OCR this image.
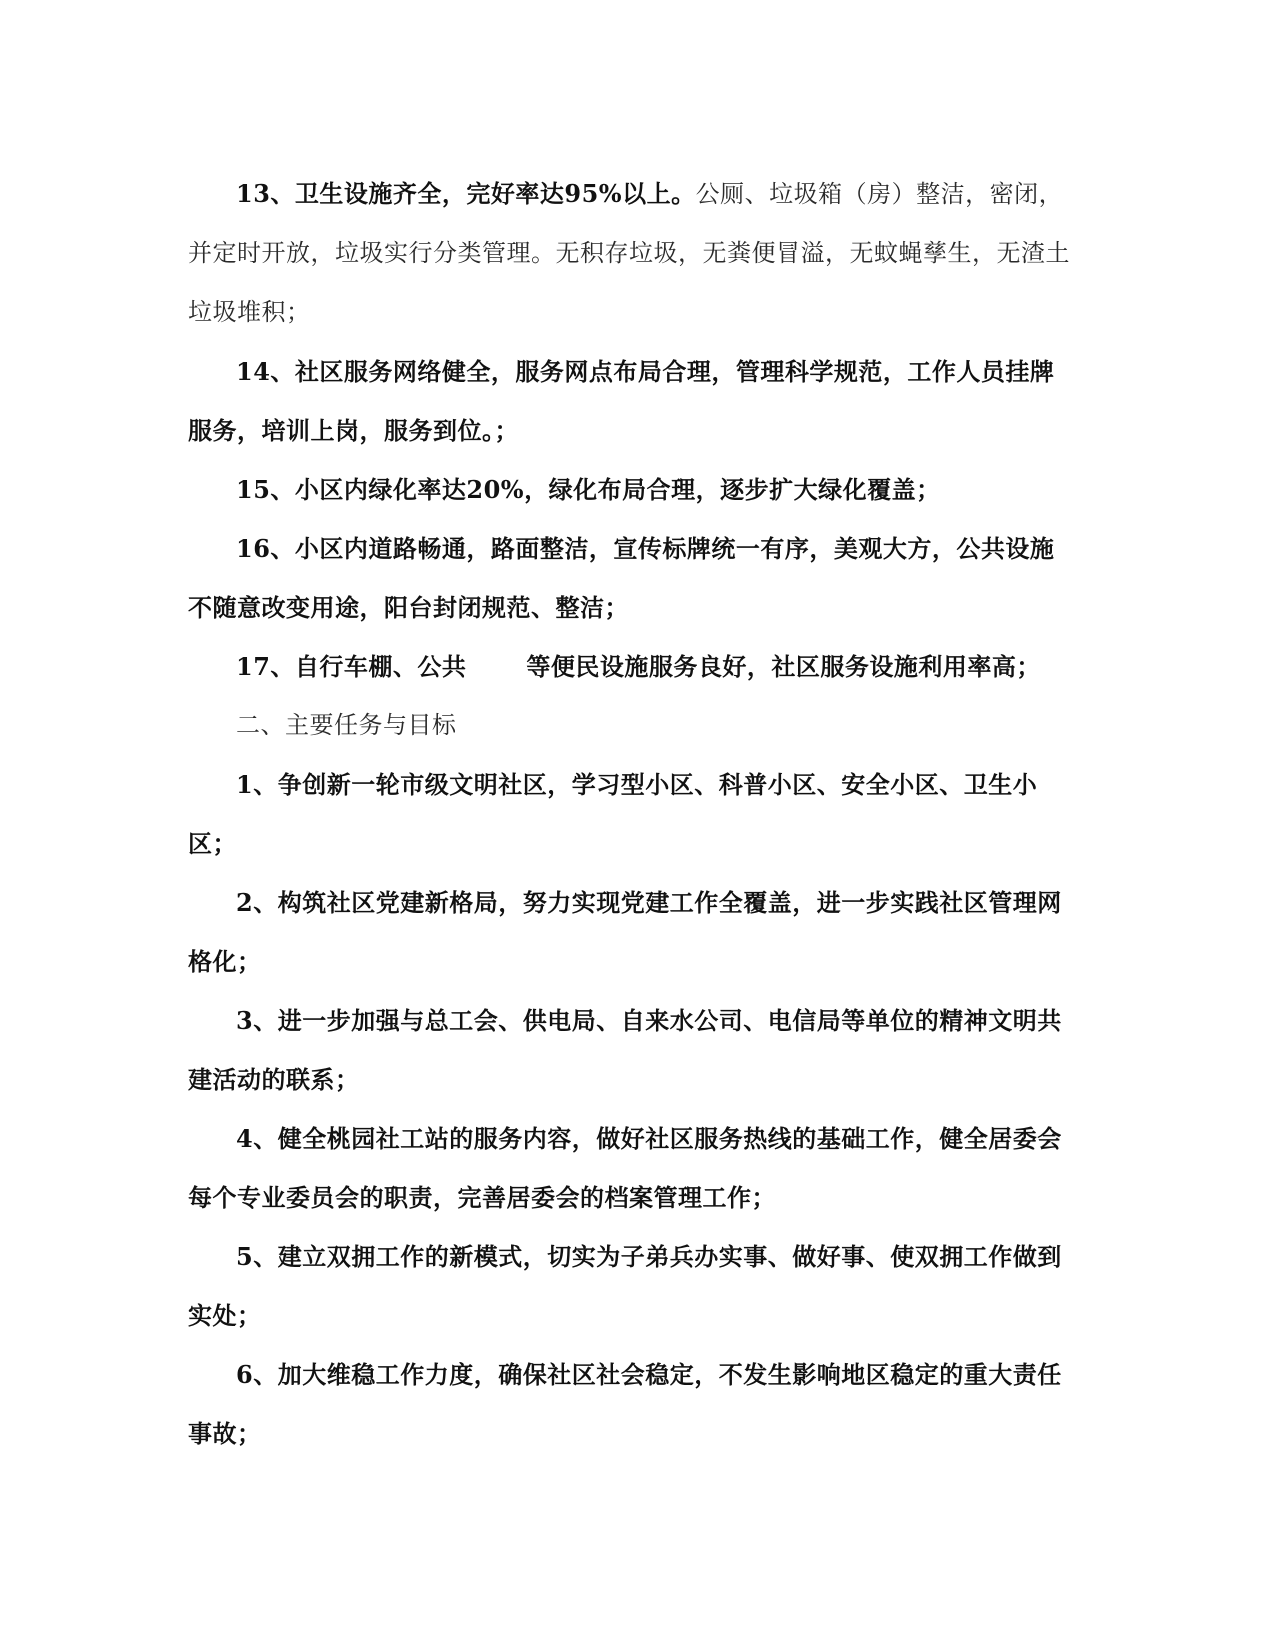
13、卫生设施齐全，完好率达95%以上。公厕、垃圾箱（房）整洁，密闭，并定时开放，垃圾实行分类管理。无积存垃圾，无粪便冒溢，无蚊蝇孳生，无渣土垃圾堆积；

14、社区服务网络健全，服务网点布局合理，管理科学规范，工作人员挂牌服务，培训上岗，服务到位。；

15、小区内绿化率达20%，绿化布局合理，逐步扩大绿化覆盖；

16、小区内道路畅通，路面整洁，宣传标牌统一有序，美观大方，公共设施不随意改变用途，阳台封闭规范、整洁；

17、自行车棚、公共	等便民设施服务良好，社区服务设施利用率高；

二、主要任务与目标

1、争创新一轮市级文明社区，学习型小区、科普小区、安全小区、卫生小区；

2、构筑社区党建新格局，努力实现党建工作全覆盖，进一步实践社区管理网格化；

3、进一步加强与总工会、供电局、自来水公司、电信局等单位的精神文明共建活动的联系；

4、健全桃园社工站的服务内容，做好社区服务热线的基础工作，健全居委会每个专业委员会的职责，完善居委会的档案管理工作；

5、建立双拥工作的新模式，切实为子弟兵办实事、做好事、使双拥工作做到实处；

6、加大维稳工作力度，确保社区社会稳定，不发生影响地区稳定的重大责任事故；
